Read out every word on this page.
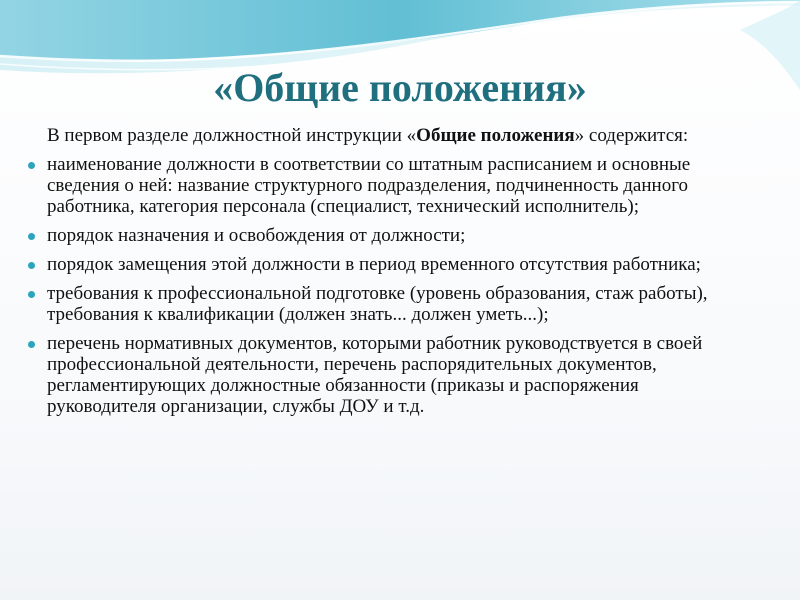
«Общие положения»

В первом разделе должностной инструкции «Общие положения» содержится:

наименование должности в соответствии со штатным расписанием и основные сведения о ней: название структурного подразделения, подчиненность данного работника, категория персонала (специалист, технический исполнитель);
порядок назначения и освобождения от должности;
порядок замещения этой должности в период временного отсутствия работника;
требования к профессиональной подготовке (уровень образования, стаж работы), требования к квалификации (должен знать... должен уметь...);
перечень нормативных документов, которыми работник руководствуется в своей профессиональной деятельности, перечень распорядительных документов, регламентирующих должностные обязанности (приказы и распоряжения руководителя организации, службы ДОУ и т.д.
